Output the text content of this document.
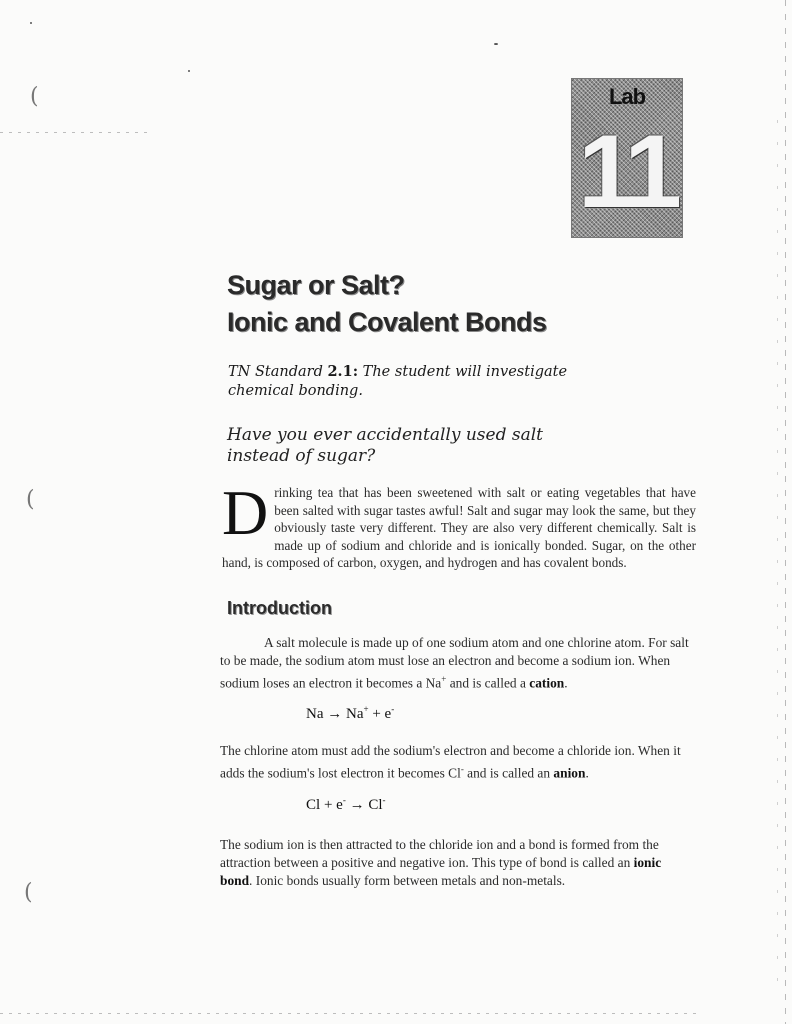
(
(
(
Lab
11
Sugar or Salt?
Ionic and Covalent Bonds
TN Standard 2.1: The student will investigate chemical bonding.
Have you ever accidentally used salt instead of sugar?
Drinking tea that has been sweetened with salt or eating vegetables that have been salted with sugar tastes awful! Salt and sugar may look the same, but they obviously taste very different. They are also very different chemically. Salt is made up of sodium and chloride and is ionically bonded. Sugar, on the other hand, is composed of carbon, oxygen, and hydrogen and has covalent bonds.
Introduction
A salt molecule is made up of one sodium atom and one chlorine atom. For salt to be made, the sodium atom must lose an electron and become a sodium ion. When sodium loses an electron it becomes a Na+ and is called a cation.
Na → Na+ + e-
The chlorine atom must add the sodium's electron and become a chloride ion. When it adds the sodium's lost electron it becomes Cl- and is called an anion.
Cl + e- → Cl-
The sodium ion is then attracted to the chloride ion and a bond is formed from the attraction between a positive and negative ion. This type of bond is called an ionic bond. Ionic bonds usually form between metals and non-metals.
